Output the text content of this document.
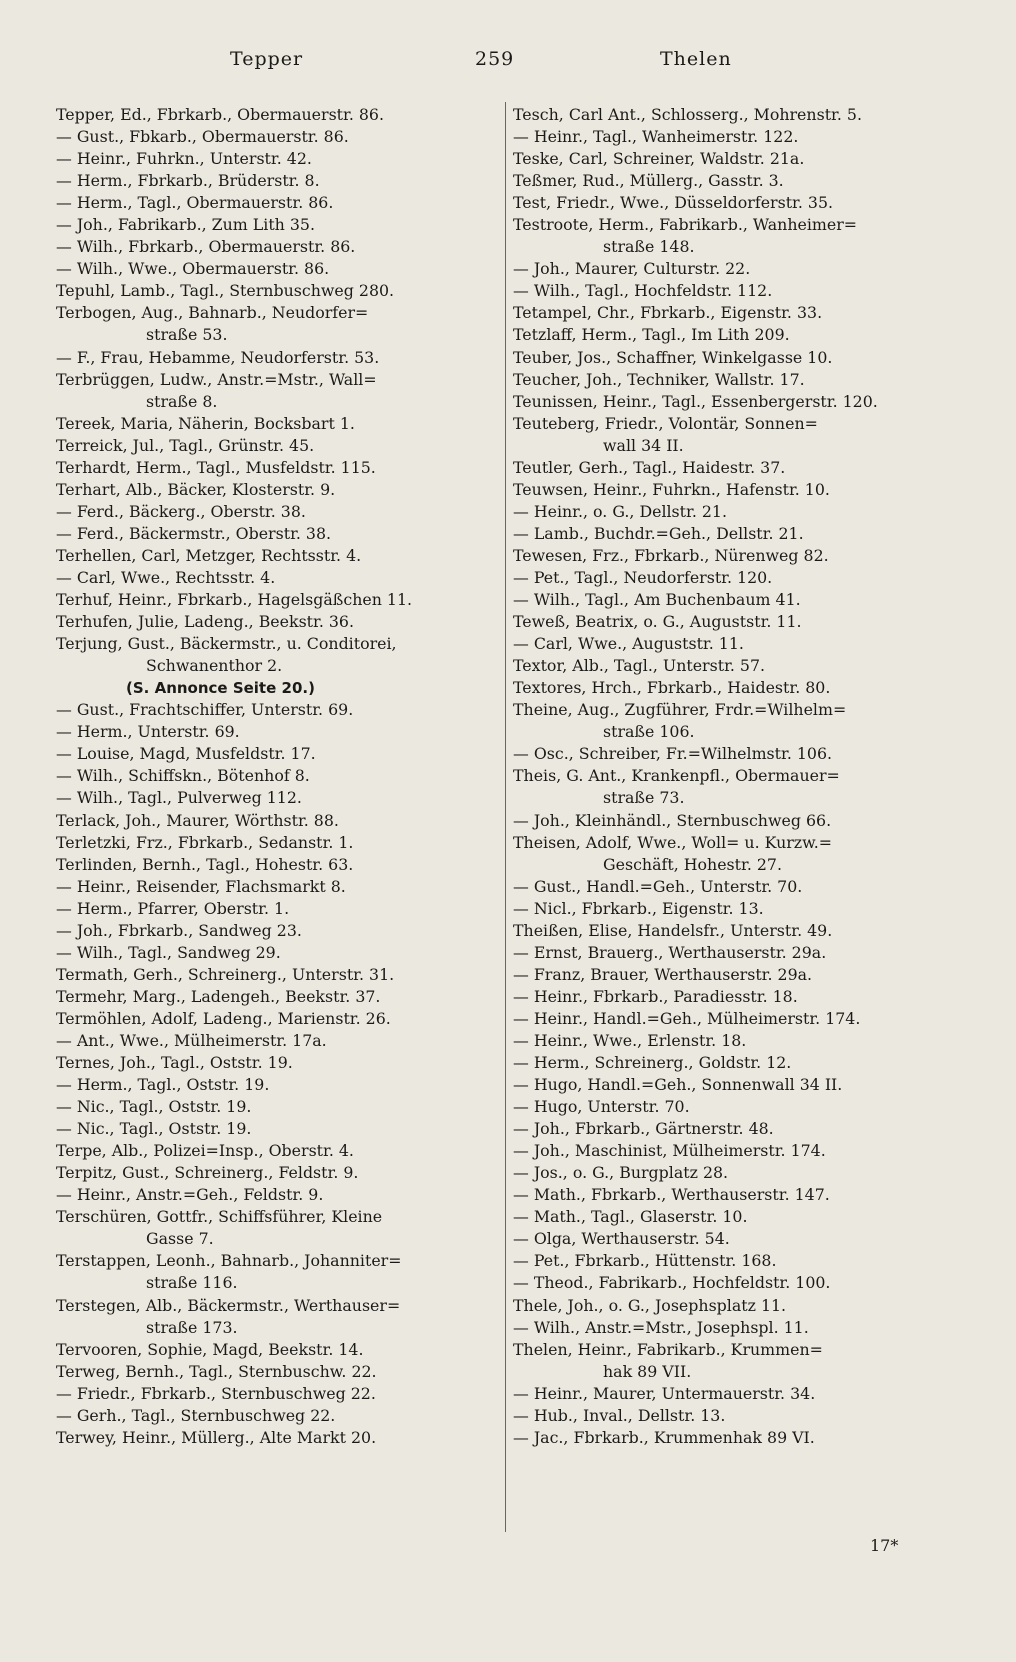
Tepper	259	Thelen
Tepper, Ed., Fbrkarb., Obermauerstr. 86.
— Gust., Fbkarb., Obermauerstr. 86.
— Heinr., Fuhrkn., Unterstr. 42.
— Herm., Fbrkarb., Brüderstr. 8.
— Herm., Tagl., Obermauerstr. 86.
— Joh., Fabrikarb., Zum Lith 35.
— Wilh., Fbrkarb., Obermauerstr. 86.
— Wilh., Wwe., Obermauerstr. 86.
Tepuhl, Lamb., Tagl., Sternbuschweg 280.
Terbogen, Aug., Bahnarb., Neudorfer=
straße 53.
— F., Frau, Hebamme, Neudorferstr. 53.
Terbrüggen, Ludw., Anstr.=Mstr., Wall=
straße 8.
Tereek, Maria, Näherin, Bocksbart 1.
Terreick, Jul., Tagl., Grünstr. 45.
Terhardt, Herm., Tagl., Musfeldstr. 115.
Terhart, Alb., Bäcker, Klosterstr. 9.
— Ferd., Bäckerg., Oberstr. 38.
— Ferd., Bäckermstr., Oberstr. 38.
Terhellen, Carl, Metzger, Rechtsstr. 4.
— Carl, Wwe., Rechtsstr. 4.
Terhuf, Heinr., Fbrkarb., Hagelsgäßchen 11.
Terhufen, Julie, Ladeng., Beekstr. 36.
Terjung, Gust., Bäckermstr., u. Conditorei,
Schwanenthor 2.
(S. Annonce Seite 20.)
— Gust., Frachtschiffer, Unterstr. 69.
— Herm., Unterstr. 69.
— Louise, Magd, Musfeldstr. 17.
— Wilh., Schiffskn., Bötenhof 8.
— Wilh., Tagl., Pulverweg 112.
Terlack, Joh., Maurer, Wörthstr. 88.
Terletzki, Frz., Fbrkarb., Sedanstr. 1.
Terlinden, Bernh., Tagl., Hohestr. 63.
— Heinr., Reisender, Flachsmarkt 8.
— Herm., Pfarrer, Oberstr. 1.
— Joh., Fbrkarb., Sandweg 23.
— Wilh., Tagl., Sandweg 29.
Termath, Gerh., Schreinerg., Unterstr. 31.
Termehr, Marg., Ladengeh., Beekstr. 37.
Termöhlen, Adolf, Ladeng., Marienstr. 26.
— Ant., Wwe., Mülheimerstr. 17a.
Ternes, Joh., Tagl., Oststr. 19.
— Herm., Tagl., Oststr. 19.
— Nic., Tagl., Oststr. 19.
— Nic., Tagl., Oststr. 19.
Terpe, Alb., Polizei=Insp., Oberstr. 4.
Terpitz, Gust., Schreinerg., Feldstr. 9.
— Heinr., Anstr.=Geh., Feldstr. 9.
Terschüren, Gottfr., Schiffsführer, Kleine
Gasse 7.
Terstappen, Leonh., Bahnarb., Johanniter=
straße 116.
Terstegen, Alb., Bäckermstr., Werthauser=
straße 173.
Tervooren, Sophie, Magd, Beekstr. 14.
Terweg, Bernh., Tagl., Sternbuschw. 22.
— Friedr., Fbrkarb., Sternbuschweg 22.
— Gerh., Tagl., Sternbuschweg 22.
Terwey, Heinr., Müllerg., Alte Markt 20.
Tesch, Carl Ant., Schlosserg., Mohrenstr. 5.
— Heinr., Tagl., Wanheimerstr. 122.
Teske, Carl, Schreiner, Waldstr. 21a.
Teßmer, Rud., Müllerg., Gasstr. 3.
Test, Friedr., Wwe., Düsseldorferstr. 35.
Testroote, Herm., Fabrikarb., Wanheimer=
straße 148.
— Joh., Maurer, Culturstr. 22.
— Wilh., Tagl., Hochfeldstr. 112.
Tetampel, Chr., Fbrkarb., Eigenstr. 33.
Tetzlaff, Herm., Tagl., Im Lith 209.
Teuber, Jos., Schaffner, Winkelgasse 10.
Teucher, Joh., Techniker, Wallstr. 17.
Teunissen, Heinr., Tagl., Essenbergerstr. 120.
Teuteberg, Friedr., Volontär, Sonnen=
wall 34 II.
Teutler, Gerh., Tagl., Haidestr. 37.
Teuwsen, Heinr., Fuhrkn., Hafenstr. 10.
— Heinr., o. G., Dellstr. 21.
— Lamb., Buchdr.=Geh., Dellstr. 21.
Tewesen, Frz., Fbrkarb., Nürenweg 82.
— Pet., Tagl., Neudorferstr. 120.
— Wilh., Tagl., Am Buchenbaum 41.
Teweß, Beatrix, o. G., Auguststr. 11.
— Carl, Wwe., Auguststr. 11.
Textor, Alb., Tagl., Unterstr. 57.
Textores, Hrch., Fbrkarb., Haidestr. 80.
Theine, Aug., Zugführer, Frdr.=Wilhelm=
straße 106.
— Osc., Schreiber, Fr.=Wilhelmstr. 106.
Theis, G. Ant., Krankenpfl., Obermauer=
straße 73.
— Joh., Kleinhändl., Sternbuschweg 66.
Theisen, Adolf, Wwe., Woll= u. Kurzw.=
Geschäft, Hohestr. 27.
— Gust., Handl.=Geh., Unterstr. 70.
— Nicl., Fbrkarb., Eigenstr. 13.
Theißen, Elise, Handelsfr., Unterstr. 49.
— Ernst, Brauerg., Werthauserstr. 29a.
— Franz, Brauer, Werthauserstr. 29a.
— Heinr., Fbrkarb., Paradiesstr. 18.
— Heinr., Handl.=Geh., Mülheimerstr. 174.
— Heinr., Wwe., Erlenstr. 18.
— Herm., Schreinerg., Goldstr. 12.
— Hugo, Handl.=Geh., Sonnenwall 34 II.
— Hugo, Unterstr. 70.
— Joh., Fbrkarb., Gärtnerstr. 48.
— Joh., Maschinist, Mülheimerstr. 174.
— Jos., o. G., Burgplatz 28.
— Math., Fbrkarb., Werthauserstr. 147.
— Math., Tagl., Glaserstr. 10.
— Olga, Werthauserstr. 54.
— Pet., Fbrkarb., Hüttenstr. 168.
— Theod., Fabrikarb., Hochfeldstr. 100.
Thele, Joh., o. G., Josephsplatz 11.
— Wilh., Anstr.=Mstr., Josephspl. 11.
Thelen, Heinr., Fabrikarb., Krummen=
hak 89 VII.
— Heinr., Maurer, Untermauerstr. 34.
— Hub., Inval., Dellstr. 13.
— Jac., Fbrkarb., Krummenhak 89 VI.
17*
